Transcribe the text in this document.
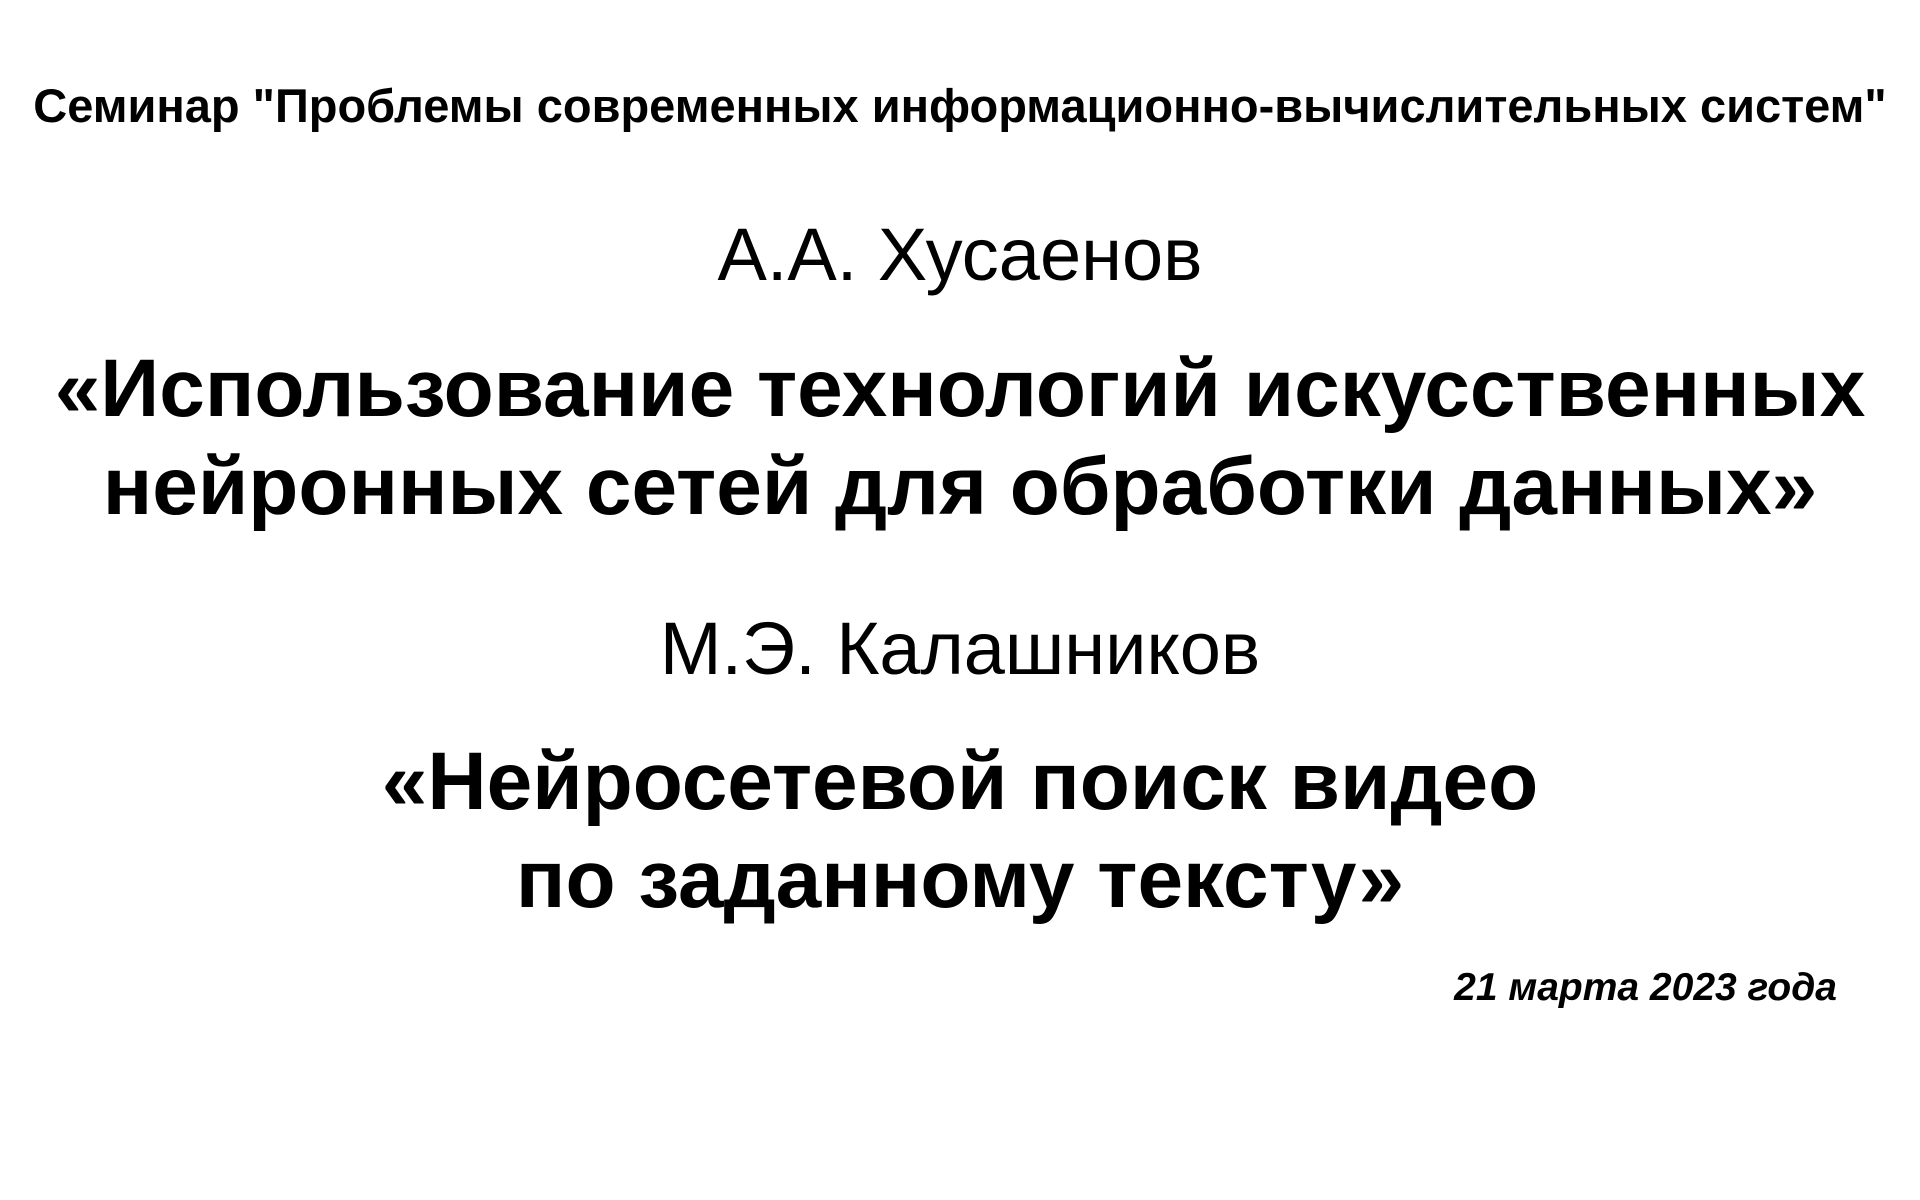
Семинар "Проблемы современных информационно-вычислительных систем"
А.А. Хусаенов
«Использование технологий искусственных
нейронных сетей для обработки данных»
М.Э. Калашников
«Нейросетевой поиск видео
по заданному тексту»
21 марта 2023 года
